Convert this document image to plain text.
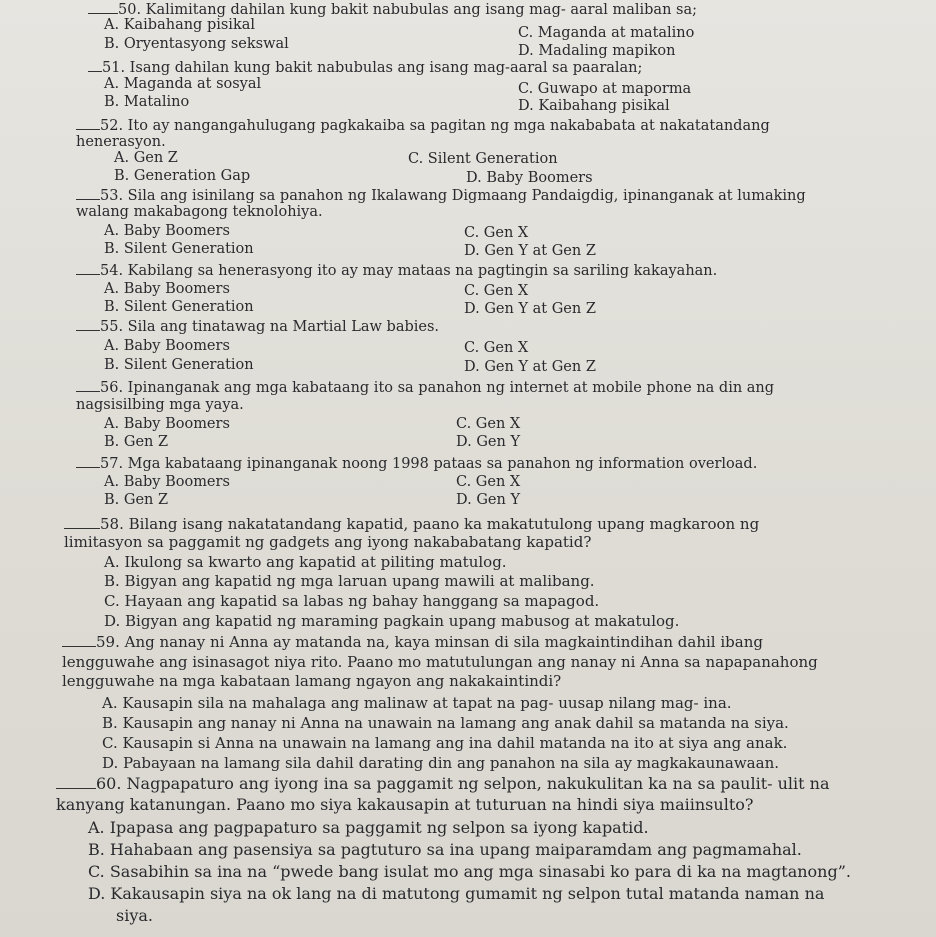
50. Kalimitang dahilan kung bakit nabubulas ang isang mag- aaral maliban sa;
A. Kaibahang pisikal	C. Maganda at matalino
B. Oryentasyong sekswal	D. Madaling mapikon
51. Isang dahilan kung bakit nabubulas ang isang mag-aaral sa paaralan;
A. Maganda at sosyal	C. Guwapo at maporma
B. Matalino	D. Kaibahang pisikal
52. Ito ay nangangahulugang pagkakaiba sa pagitan ng mga nakababata at nakatatandang
henerasyon.
A. Gen Z	C. Silent Generation
B. Generation Gap	D. Baby Boomers
53. Sila ang isinilang sa panahon ng Ikalawang Digmaang Pandaigdig, ipinanganak at lumaking
walang makabagong teknolohiya.
A. Baby Boomers	C. Gen X
B. Silent Generation	D. Gen Y at Gen Z
54. Kabilang sa henerasyong ito ay may mataas na pagtingin sa sariling kakayahan.
A. Baby Boomers	C. Gen X
B. Silent Generation	D. Gen Y at Gen Z
55. Sila ang tinatawag na Martial Law babies.
A. Baby Boomers	C. Gen X
B. Silent Generation	D. Gen Y at Gen Z
56. Ipinanganak ang mga kabataang ito sa panahon ng internet at mobile phone na din ang
nagsisilbing mga yaya.
A. Baby Boomers	C. Gen X
B. Gen Z	D. Gen Y
57. Mga kabataang ipinanganak noong 1998 pataas sa panahon ng information overload.
A. Baby Boomers	C. Gen X
B. Gen Z	D. Gen Y
58. Bilang isang nakatatandang kapatid, paano ka makatutulong upang magkaroon ng
limitasyon sa paggamit ng gadgets ang iyong nakababatang kapatid?
A. Ikulong sa kwarto ang kapatid at piliting matulog.
B. Bigyan ang kapatid ng mga laruan upang mawili at malibang.
C. Hayaan ang kapatid sa labas ng bahay hanggang sa mapagod.
D. Bigyan ang kapatid ng maraming pagkain upang mabusog at makatulog.
59. Ang nanay ni Anna ay matanda na, kaya minsan di sila magkaintindihan dahil ibang
lengguwahe ang isinasagot niya rito. Paano mo matutulungan ang nanay ni Anna sa napapanahong
lengguwahe na mga kabataan lamang ngayon ang nakakaintindi?
A. Kausapin sila na mahalaga ang malinaw at tapat na pag- uusap nilang mag- ina.
B. Kausapin ang nanay ni Anna na unawain na lamang ang anak dahil sa matanda na siya.
C. Kausapin si Anna na unawain na lamang ang ina dahil matanda na ito at siya ang anak.
D. Pabayaan na lamang sila dahil darating din ang panahon na sila ay magkakaunawaan.
60. Nagpapaturo ang iyong ina sa paggamit ng selpon, nakukulitan ka na sa paulit- ulit na
kanyang katanungan. Paano mo siya kakausapin at tuturuan na hindi siya maiinsulto?
A. Ipapasa ang pagpapaturo sa paggamit ng selpon sa iyong kapatid.
B. Hahabaan ang pasensiya sa pagtuturo sa ina upang maiparamdam ang pagmamahal.
C. Sasabihin sa ina na “pwede bang isulat mo ang mga sinasabi ko para di ka na magtanong”.
D. Kakausapin siya na ok lang na di matutong gumamit ng selpon tutal matanda naman na
siya.
